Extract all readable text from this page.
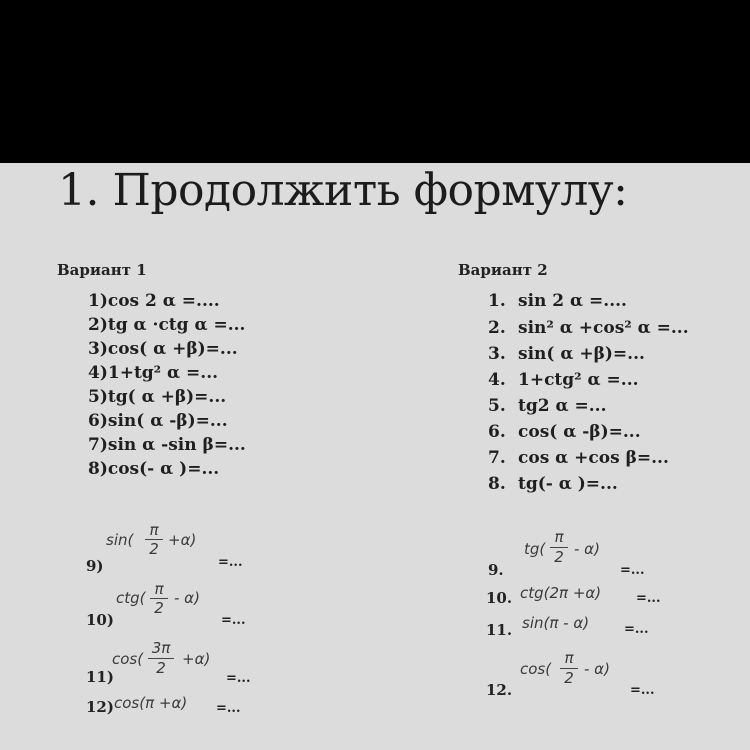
1. Продолжить формулу:
Вариант 1
1)cos 2 α =....
2)tg α ·ctg α =...
3)cos( α +β)=...
4)1+tg² α =...
5)tg( α +β)=...
6)sin( α -β)=...
7)sin α -sin β=...
8)cos(- α )=...
9)
sin(
π
2 +α)
=...
10)
ctg( π
2
- α)
=...
11)
cos(
3π
2	+α)
=...
12) cos(π +α) =...
Вариант 2
1. sin 2 α =....
2. sin² α +cos² α =...
3. sin( α +β)=...
4. 1+ctg² α =...
5. tg2 α =...
6. cos( α -β)=...
7. cos α +cos β=...
8. tg(- α )=...
9.
tg(
π
2 - α)
=...
10. ctg(2π +α)	=...
11. sin(π - α)	=...
12.
cos(
π
2 - α)
=...
